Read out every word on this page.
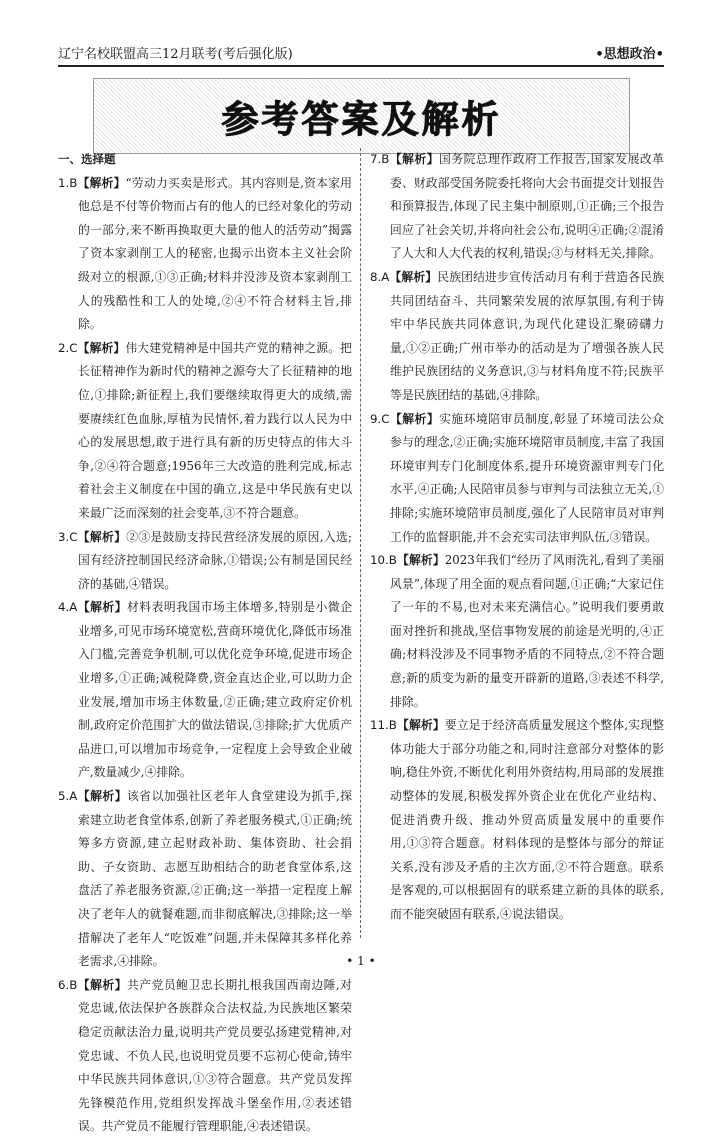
辽宁名校联盟高三12月联考(考后强化版)	•思想政治•
参考答案及解析
一、选择题

1.B【解析】“劳动力买卖是形式。其内容则是,资本家用他总是不付等价物而占有的他人的已经对象化的劳动的一部分,来不断再换取更大量的他人的活劳动”揭露了资本家剥削工人的秘密,也揭示出资本主义社会阶级对立的根源,①③正确;材料并没涉及资本家剥削工人的残酷性和工人的处境,②④不符合材料主旨,排除。

2.C【解析】伟大建党精神是中国共产党的精神之源。把长征精神作为新时代的精神之源夸大了长征精神的地位,①排除;新征程上,我们要继续取得更大的成绩,需要赓续红色血脉,厚植为民情怀,着力践行以人民为中心的发展思想,敢于进行具有新的历史特点的伟大斗争,②④符合题意;1956年三大改造的胜利完成,标志着社会主义制度在中国的确立,这是中华民族有史以来最广泛而深刻的社会变革,③不符合题意。

3.C【解析】②③是鼓励支持民营经济发展的原因,入选;国有经济控制国民经济命脉,①错误;公有制是国民经济的基础,④错误。

4.A【解析】材料表明我国市场主体增多,特别是小微企业增多,可见市场环境宽松,营商环境优化,降低市场准入门槛,完善竞争机制,可以优化竞争环境,促进市场企业增多,①正确;减税降费,资金直达企业,可以助力企业发展,增加市场主体数量,②正确;建立政府定价机制,政府定价范围扩大的做法错误,③排除;扩大优质产品进口,可以增加市场竞争,一定程度上会导致企业破产,数量减少,④排除。

5.A【解析】该省以加强社区老年人食堂建设为抓手,探索建立助老食堂体系,创新了养老服务模式,①正确;统筹多方资源,建立起财政补助、集体资助、社会捐助、子女资助、志愿互助相结合的助老食堂体系,这盘活了养老服务资源,②正确;这一举措一定程度上解决了老年人的就餐难题,而非彻底解决,③排除;这一举措解决了老年人“吃饭难”问题,并未保障其多样化养老需求,④排除。

6.B【解析】共产党员鲍卫忠长期扎根我国西南边陲,对党忠诚,依法保护各族群众合法权益,为民族地区繁荣稳定贡献法治力量,说明共产党员要弘扬建党精神,对党忠诚、不负人民,也说明党员要不忘初心使命,铸牢中华民族共同体意识,①③符合题意。共产党员发挥先锋模范作用,党组织发挥战斗堡垒作用,②表述错误。共产党员不能履行管理职能,④表述错误。

7.B【解析】国务院总理作政府工作报告,国家发展改革委、财政部受国务院委托将向大会书面提交计划报告和预算报告,体现了民主集中制原则,①正确;三个报告回应了社会关切,并将向社会公布,说明④正确;②混淆了人大和人大代表的权利,错误;③与材料无关,排除。

8.A【解析】民族团结进步宣传活动月有利于营造各民族共同团结奋斗、共同繁荣发展的浓厚氛围,有利于铸牢中华民族共同体意识,为现代化建设汇聚磅礴力量,①②正确;广州市举办的活动是为了增强各族人民维护民族团结的义务意识,③与材料角度不符;民族平等是民族团结的基础,④排除。

9.C【解析】实施环境陪审员制度,彰显了环境司法公众参与的理念,②正确;实施环境陪审员制度,丰富了我国环境审判专门化制度体系,提升环境资源审判专门化水平,④正确;人民陪审员参与审判与司法独立无关,①排除;实施环境陪审员制度,强化了人民陪审员对审判工作的监督职能,并不会充实司法审判队伍,③错误。

10.B【解析】2023年我们“经历了风雨洗礼,看到了美丽风景”,体现了用全面的观点看问题,①正确;“大家记住了一年的不易,也对未来充满信心。”说明我们要勇敢面对挫折和挑战,坚信事物发展的前途是光明的,④正确;材料没涉及不同事物矛盾的不同特点,②不符合题意;新的质变为新的量变开辟新的道路,③表述不科学,排除。

11.B【解析】要立足于经济高质量发展这个整体,实现整体功能大于部分功能之和,同时注意部分对整体的影响,稳住外资,不断优化利用外资结构,用局部的发展推动整体的发展,积极发挥外资企业在优化产业结构、促进消费升级、推动外贸高质量发展中的重要作用,①③符合题意。材料体现的是整体与部分的辩证关系,没有涉及矛盾的主次方面,②不符合题意。联系是客观的,可以根据固有的联系建立新的具体的联系,而不能突破固有联系,④说法错误。

• 1 •
